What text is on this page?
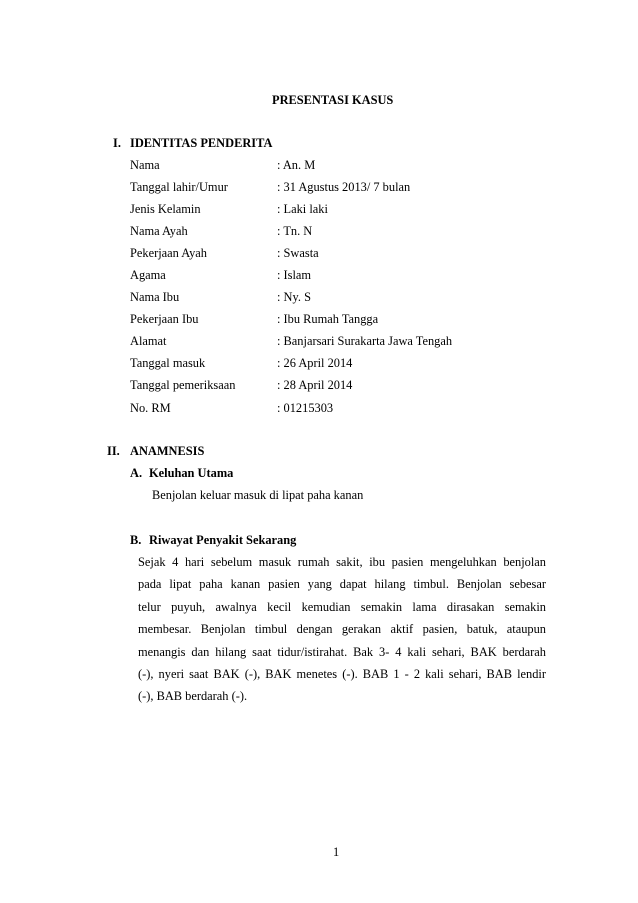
PRESENTASI KASUS
I. IDENTITAS PENDERITA
Nama	: An. M
Tanggal lahir/Umur	: 31 Agustus 2013/ 7 bulan
Jenis Kelamin	: Laki laki
Nama Ayah	: Tn. N
Pekerjaan Ayah	: Swasta
Agama	: Islam
Nama Ibu	: Ny. S
Pekerjaan Ibu	: Ibu Rumah Tangga
Alamat	: Banjarsari Surakarta Jawa Tengah
Tanggal masuk	: 26 April 2014
Tanggal pemeriksaan	: 28 April 2014
No. RM	: 01215303
II. ANAMNESIS
A. Keluhan Utama
Benjolan keluar masuk di lipat paha kanan
B. Riwayat Penyakit Sekarang
Sejak 4 hari sebelum masuk rumah sakit, ibu pasien mengeluhkan benjolan
pada lipat paha kanan pasien yang dapat hilang timbul. Benjolan sebesar
telur puyuh, awalnya kecil kemudian semakin lama dirasakan semakin
membesar. Benjolan timbul dengan gerakan aktif pasien, batuk, ataupun
menangis dan hilang saat tidur/istirahat. Bak 3- 4 kali sehari, BAK berdarah
(-), nyeri saat BAK (-), BAK menetes (-). BAB 1 - 2 kali sehari, BAB lendir
(-), BAB berdarah (-).
1
